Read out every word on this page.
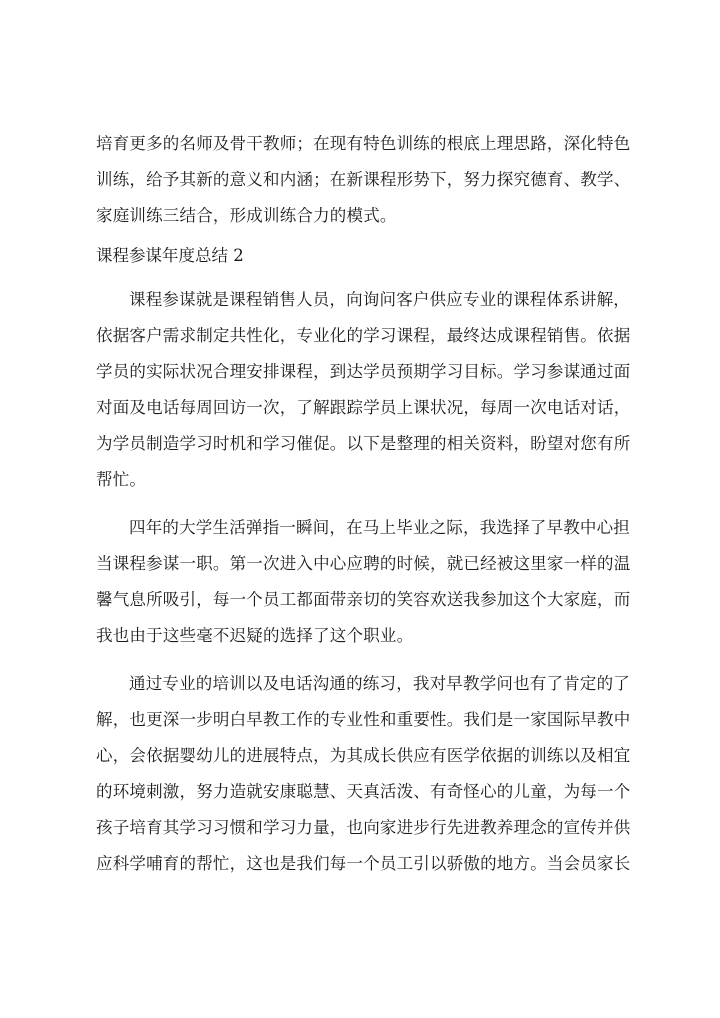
培育更多的名师及骨干教师；在现有特色训练的根底上理思路，深化特色
训练，给予其新的意义和内涵；在新课程形势下，努力探究德育、教学、
家庭训练三结合，形成训练合力的模式。
课程参谋年度总结 2
课程参谋就是课程销售人员，向询问客户供应专业的课程体系讲解，
依据客户需求制定共性化，专业化的学习课程，最终达成课程销售。依据
学员的实际状况合理安排课程，到达学员预期学习目标。学习参谋通过面
对面及电话每周回访一次，了解跟踪学员上课状况，每周一次电话对话，
为学员制造学习时机和学习催促。以下是整理的相关资料，盼望对您有所
帮忙。
四年的大学生活弹指一瞬间，在马上毕业之际，我选择了早教中心担
当课程参谋一职。第一次进入中心应聘的时候，就已经被这里家一样的温
馨气息所吸引，每一个员工都面带亲切的笑容欢送我参加这个大家庭，而
我也由于这些毫不迟疑的选择了这个职业。
通过专业的培训以及电话沟通的练习，我对早教学问也有了肯定的了
解，也更深一步明白早教工作的专业性和重要性。我们是一家国际早教中
心，会依据婴幼儿的进展特点，为其成长供应有医学依据的训练以及相宜
的环境刺激，努力造就安康聪慧、天真活泼、有奇怪心的儿童，为每一个
孩子培育其学习习惯和学习力量，也向家进步行先进教养理念的宣传并供
应科学哺育的帮忙，这也是我们每一个员工引以骄傲的地方。当会员家长
